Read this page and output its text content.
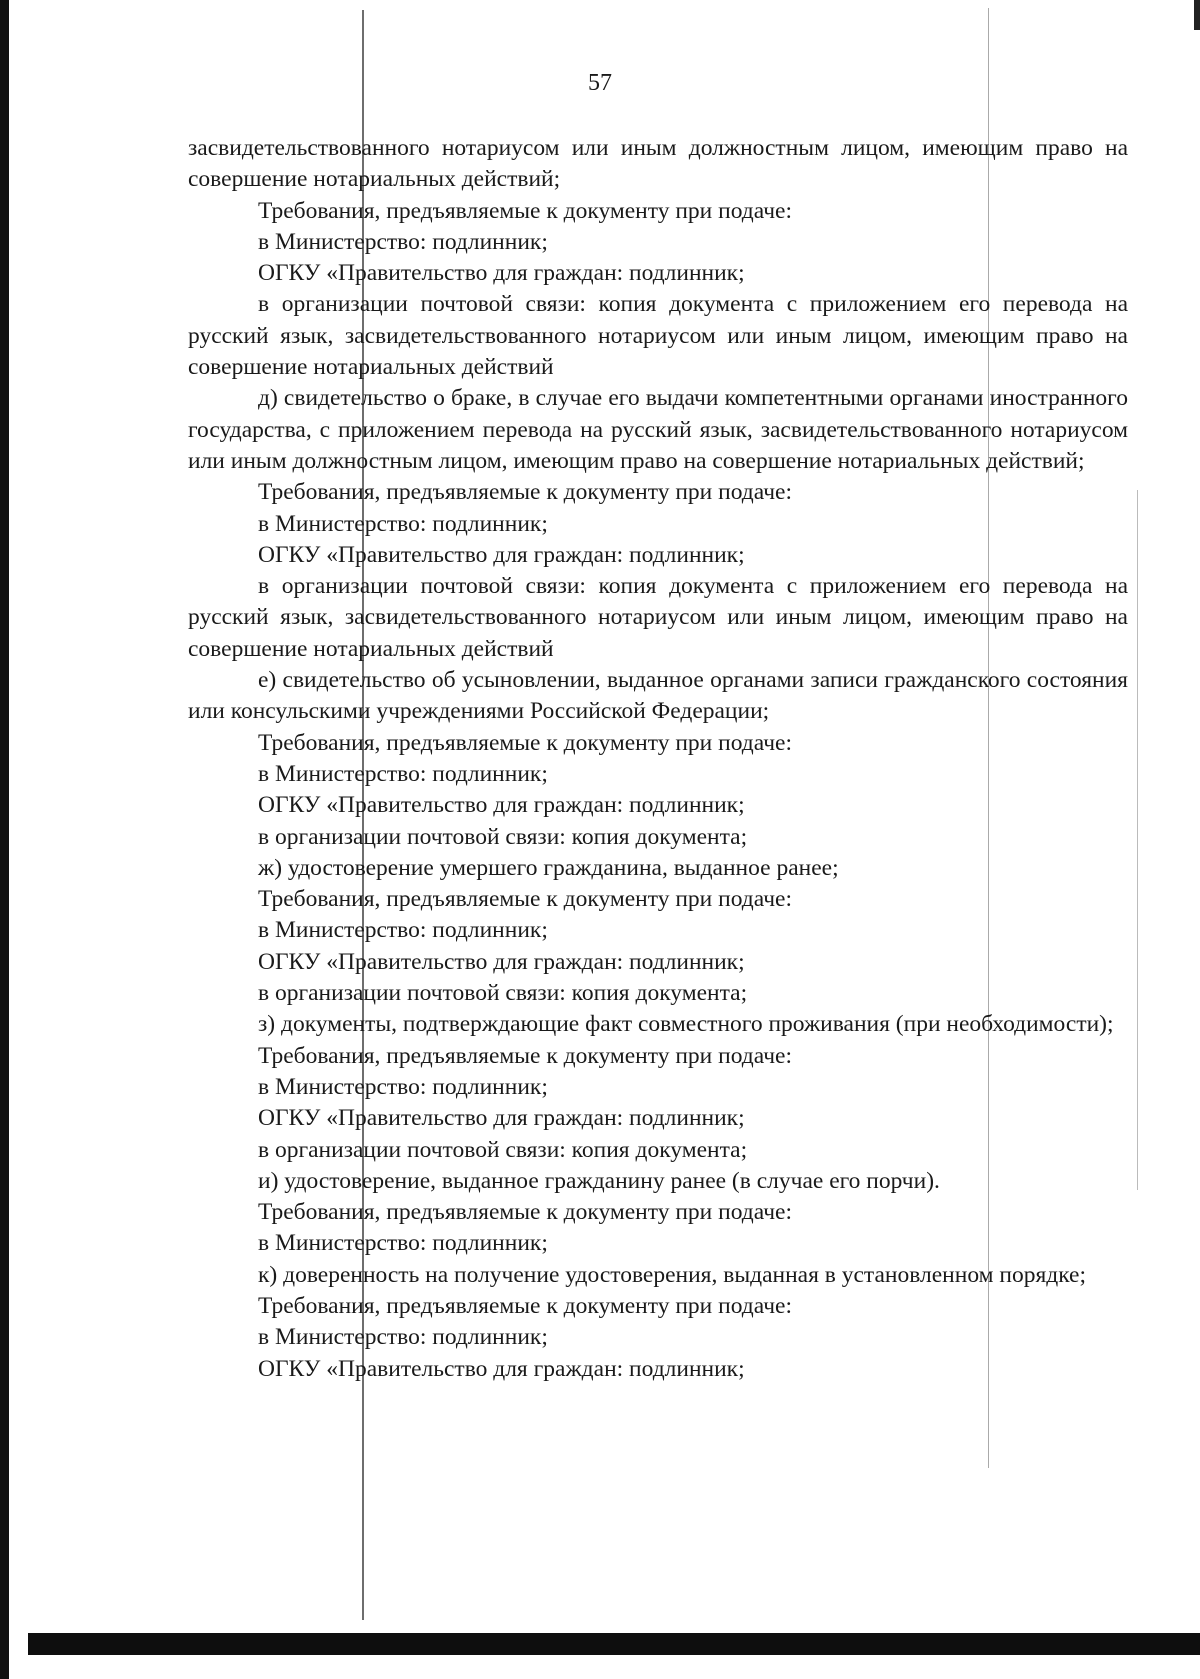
57

засвидетельствованного нотариусом или иным должностным лицом, имеющим право на совершение нотариальных действий;

Требования, предъявляемые к документу при подаче:

в Министерство: подлинник;

ОГКУ «Правительство для граждан: подлинник;

в организации почтовой связи: копия документа с приложением его перевода на русский язык, засвидетельствованного нотариусом или иным лицом, имеющим право на совершение нотариальных действий

д) свидетельство о браке, в случае его выдачи компетентными органами иностранного государства, с приложением перевода на русский язык, засвидетельствованного нотариусом или иным должностным лицом, имеющим право на совершение нотариальных действий;

Требования, предъявляемые к документу при подаче:

в Министерство: подлинник;

ОГКУ «Правительство для граждан: подлинник;

в организации почтовой связи: копия документа с приложением его перевода на русский язык, засвидетельствованного нотариусом или иным лицом, имеющим право на совершение нотариальных действий

е) свидетельство об усыновлении, выданное органами записи гражданского состояния или консульскими учреждениями Российской Федерации;

Требования, предъявляемые к документу при подаче:

в Министерство: подлинник;

ОГКУ «Правительство для граждан: подлинник;

в организации почтовой связи: копия документа;

ж) удостоверение умершего гражданина, выданное ранее;

Требования, предъявляемые к документу при подаче:

в Министерство: подлинник;

ОГКУ «Правительство для граждан: подлинник;

в организации почтовой связи: копия документа;

з) документы, подтверждающие факт совместного проживания (при необходимости);

Требования, предъявляемые к документу при подаче:

в Министерство: подлинник;

ОГКУ «Правительство для граждан: подлинник;

в организации почтовой связи: копия документа;

и) удостоверение, выданное гражданину ранее (в случае его порчи).

Требования, предъявляемые к документу при подаче:

в Министерство: подлинник;

к) доверенность на получение удостоверения, выданная в установленном порядке;

Требования, предъявляемые к документу при подаче:

в Министерство: подлинник;

ОГКУ «Правительство для граждан: подлинник;
